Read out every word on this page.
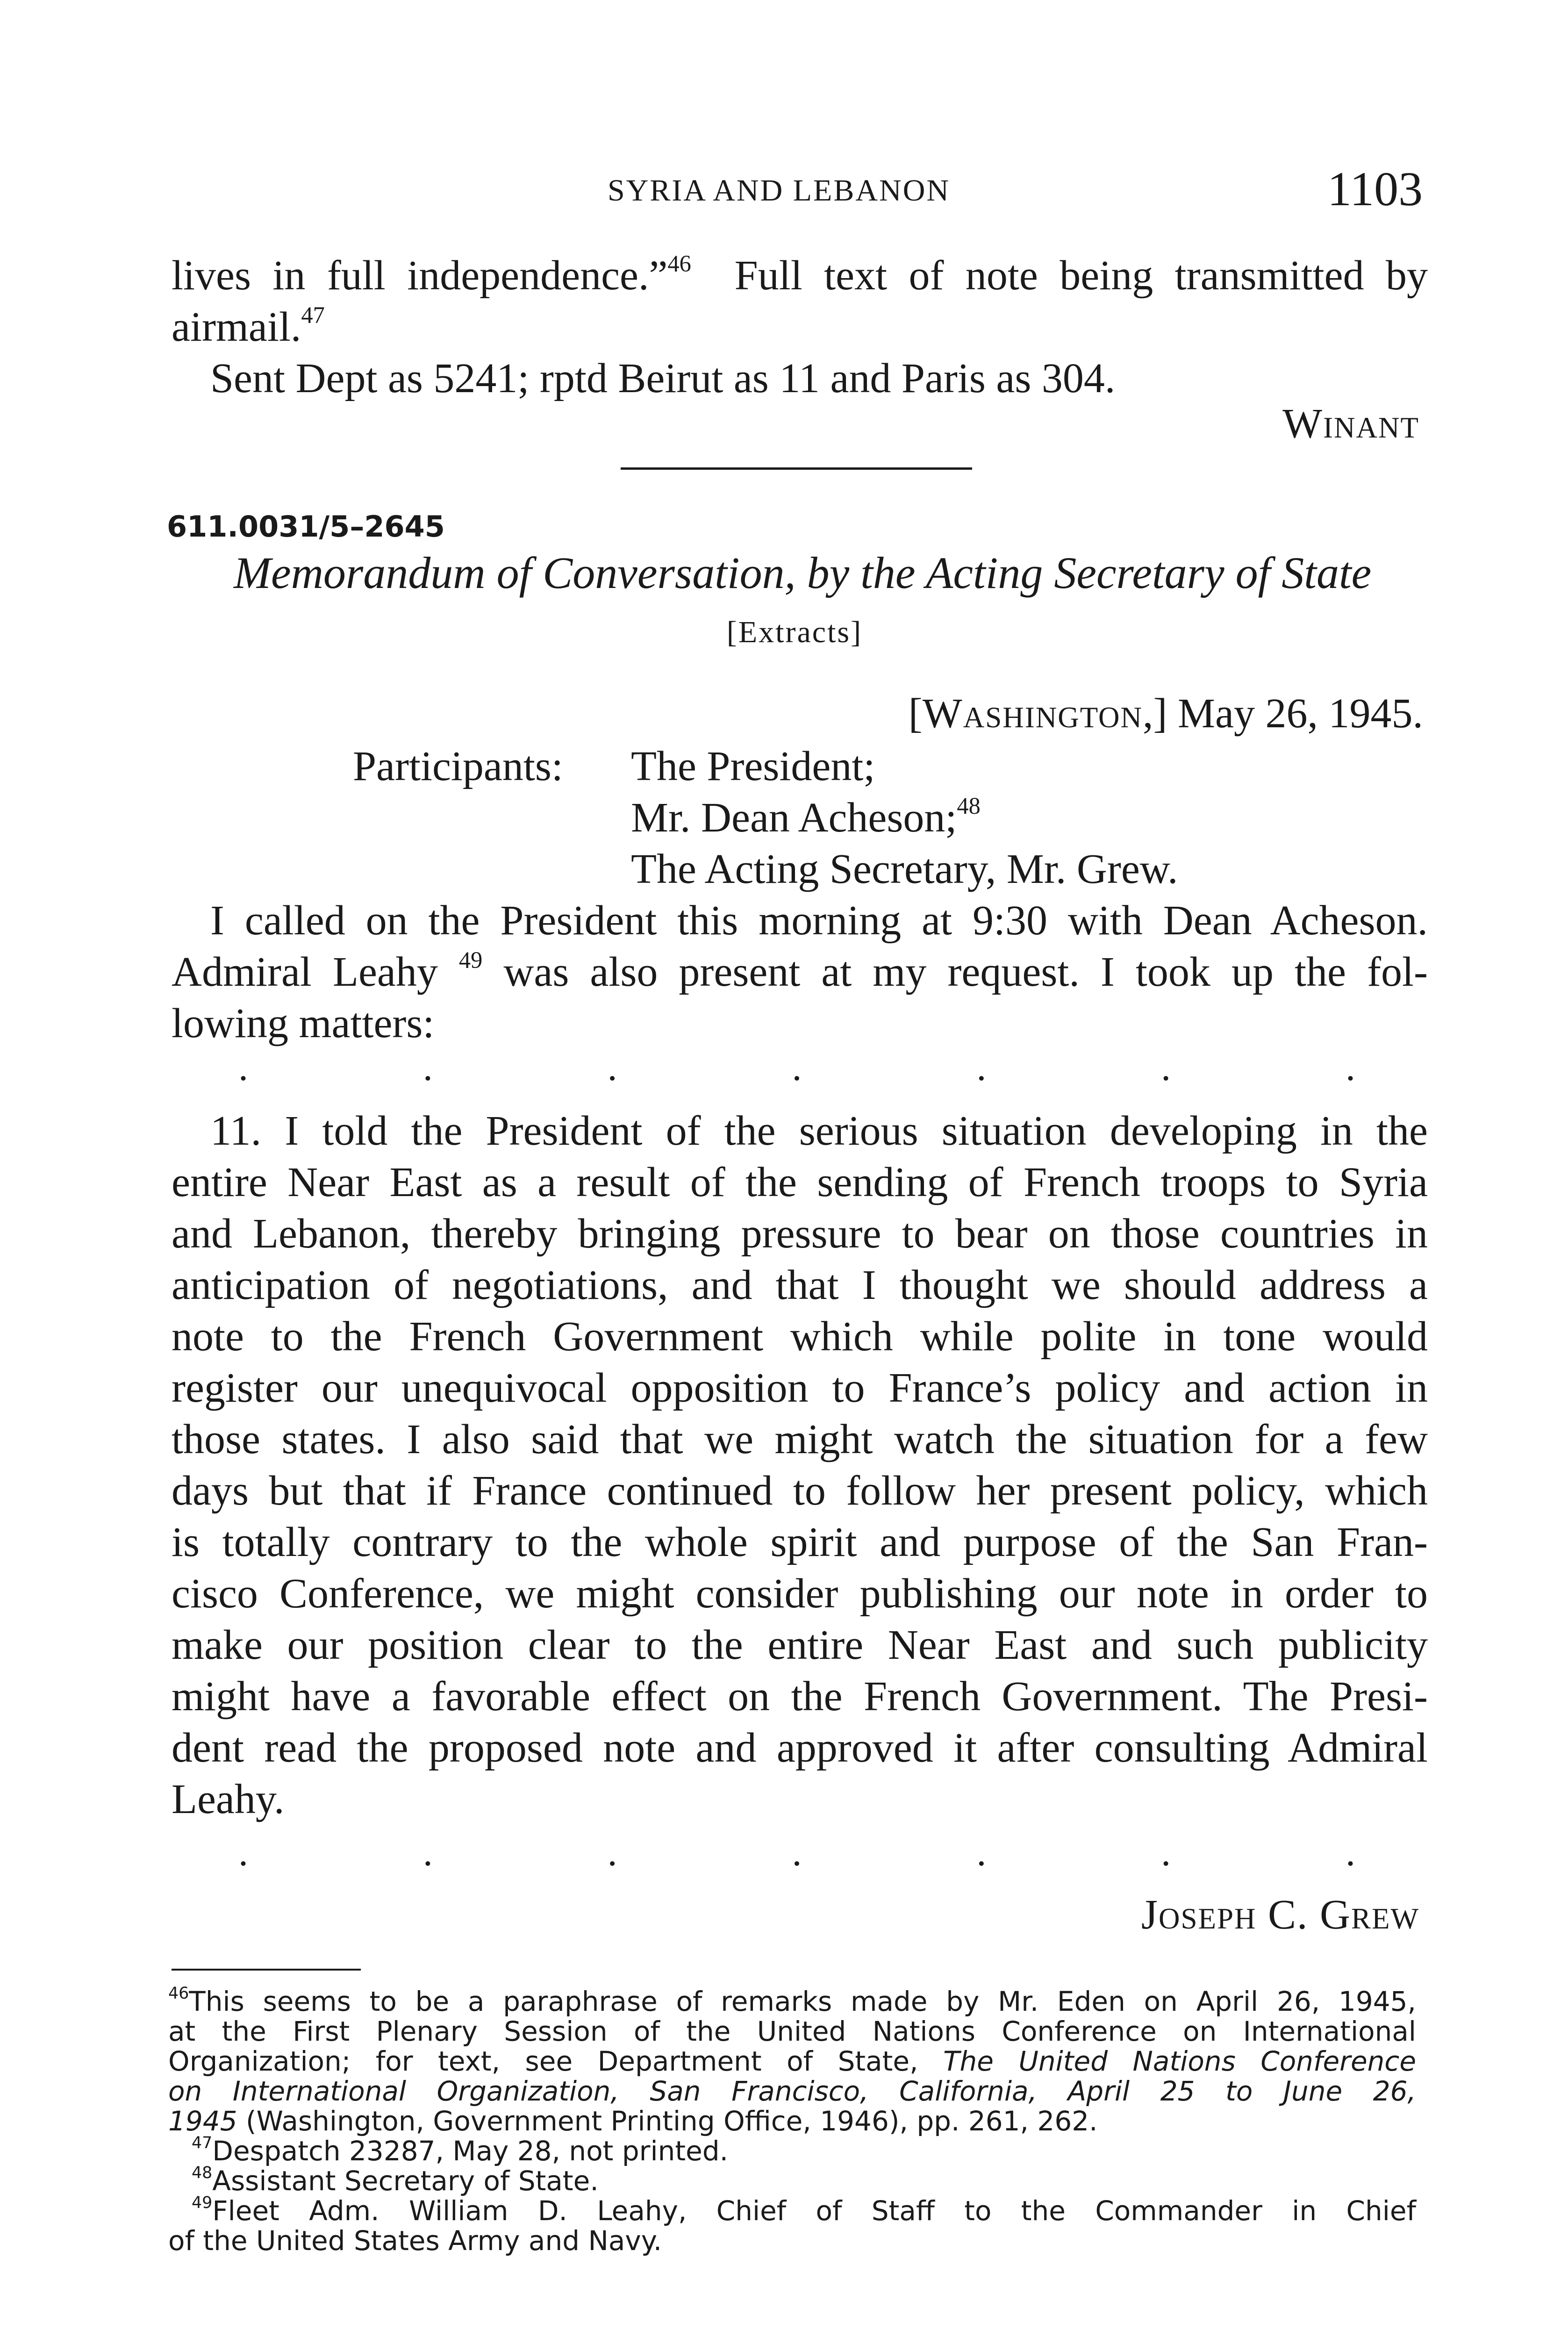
SYRIA AND LEBANON	1103
lives in full independence.”$^{46}$ Full text of note being transmitted by
airmail.$^{47}$
Sent Dept as 5241; rptd Beirut as 11 and Paris as 304.
Winant
611.0031/5–2645
Memorandum of Conversation, by the Acting Secretary of State
[Extracts]
[Washington,] May 26, 1945.
Participants: The President;
Mr. Dean Acheson;$^{48}$
The Acting Secretary, Mr. Grew.
I called on the President this morning at 9:30 with Dean Acheson.
Admiral Leahy $^{49}$ was also present at my request. I took up the fol-
lowing matters:
.	.	.	.	.	.	.
11. I told the President of the serious situation developing in the
entire Near East as a result of the sending of French troops to Syria
and Lebanon, thereby bringing pressure to bear on those countries in
anticipation of negotiations, and that I thought we should address a
note to the French Government which while polite in tone would
register our unequivocal opposition to France’s policy and action in
those states. I also said that we might watch the situation for a few
days but that if France continued to follow her present policy, which
is totally contrary to the whole spirit and purpose of the San Fran-
cisco Conference, we might consider publishing our note in order to
make our position clear to the entire Near East and such publicity
might have a favorable effect on the French Government. The Presi-
dent read the proposed note and approved it after consulting Admiral
Leahy.
.	.	.	.	.	.	.
Joseph C. Grew
$^{46}$This seems to be a paraphrase of remarks made by Mr. Eden on April 26, 1945,
at the First Plenary Session of the United Nations Conference on International
Organization; for text, see Department of State, The United Nations Conference
on International Organization, San Francisco, California, April 25 to June 26,
1945 (Washington, Government Printing Office, 1946), pp. 261, 262.
$^{47}$Despatch 23287, May 28, not printed.
$^{48}$Assistant Secretary of State.
$^{49}$Fleet Adm. William D. Leahy, Chief of Staff to the Commander in Chief
of the United States Army and Navy.
